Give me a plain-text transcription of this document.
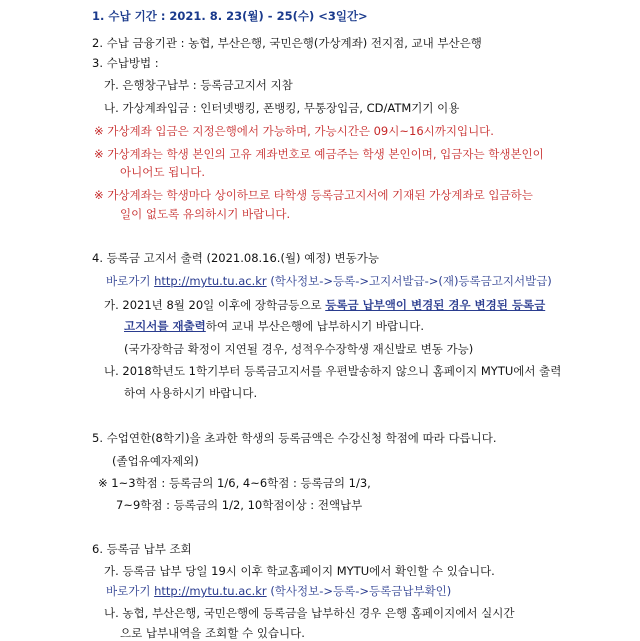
1. 수납 기간 : 2021. 8. 23(월) - 25(수) <3일간>
2. 수납 금융기관 : 농협, 부산은행, 국민은행(가상계좌) 전지점, 교내 부산은행
3. 수납방법 :
가. 은행창구납부 : 등록금고지서 지참
나. 가상계좌입금 : 인터넷뱅킹, 폰뱅킹, 무통장입금, CD/ATM기기 이용
※ 가상계좌 입금은 지정은행에서 가능하며, 가능시간은 09시~16시까지입니다.
※ 가상계좌는 학생 본인의 고유 계좌번호로 예금주는 학생 본인이며, 입금자는 학생본인이
아니어도 됩니다.
※ 가상계좌는 학생마다 상이하므로 타학생 등록금고지서에 기재된 가상계좌로 입금하는
일이 없도록 유의하시기 바랍니다.
4. 등록금 고지서 출력 (2021.08.16.(월) 예정) 변동가능
바로가기 http://mytu.tu.ac.kr (학사정보->등록->고지서발급->(재)등록금고지서발급)
가. 2021년 8월 20일 이후에 장학금등으로 등록금 납부액이 변경된 경우 변경된 등록금
고지서를 재출력하여 교내 부산은행에 납부하시기 바랍니다.
(국가장학금 확정이 지연될 경우, 성적우수장학생 재신발로 변동 가능)
나. 2018학년도 1학기부터 등록금고지서를 우편발송하지 않으니 홈페이지 MYTU에서 출력
하여 사용하시기 바랍니다.
5. 수업연한(8학기)을 초과한 학생의 등록금액은 수강신청 학점에 따라 다릅니다.
(졸업유예자제외)
※ 1~3학점 : 등록금의 1/6, 4~6학점 : 등록금의 1/3,
7~9학점 : 등록금의 1/2, 10학점이상 : 전액납부
6. 등록금 납부 조회
가. 등록금 납부 당일 19시 이후 학교홈페이지 MYTU에서 확인할 수 있습니다.
바로가기 http://mytu.tu.ac.kr (학사정보->등록->등록금납부확인)
나. 농협, 부산은행, 국민은행에 등록금을 납부하신 경우 은행 홈페이지에서 실시간
으로 납부내역을 조회할 수 있습니다.
